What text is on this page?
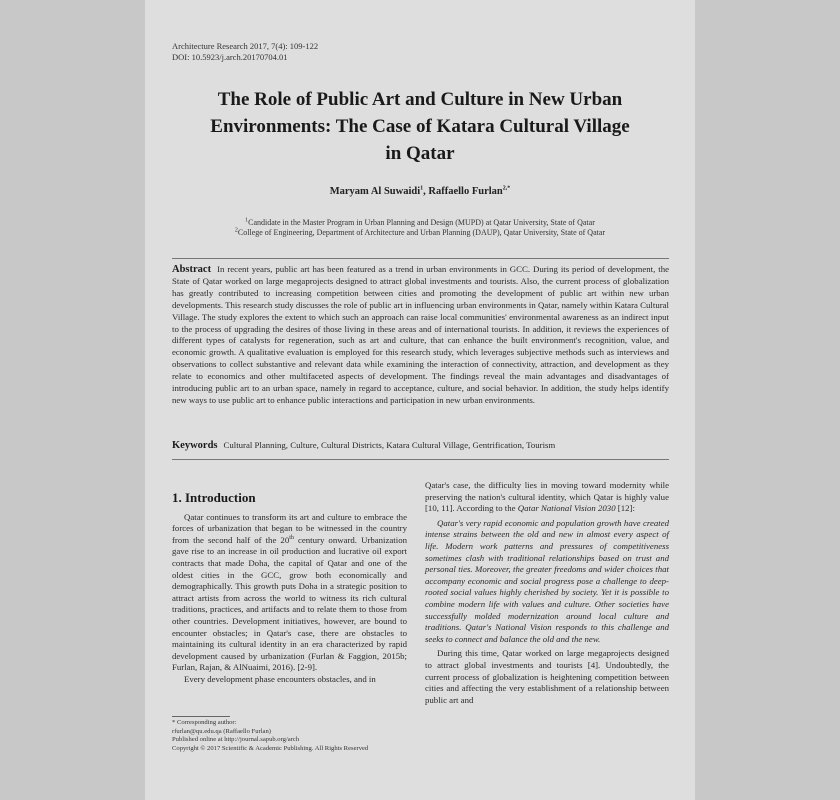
Architecture Research 2017, 7(4): 109-122
DOI: 10.5923/j.arch.20170704.01
The Role of Public Art and Culture in New Urban
Environments: The Case of Katara Cultural Village
in Qatar
Maryam Al Suwaidi$^1$, Raffaello Furlan$^{2,*}$
$^1$Candidate in the Master Program in Urban Planning and Design (MUPD) at Qatar University, State of Qatar
$^2$College of Engineering, Department of Architecture and Urban Planning (DAUP), Qatar University, State of Qatar
Abstract In recent years, public art has been featured as a trend in urban environments in GCC. During its period of development, the State of Qatar worked on large megaprojects designed to attract global investments and tourists. Also, the current process of globalization has greatly contributed to increasing competition between cities and promoting the development of public art within new urban developments. This research study discusses the role of public art in influencing urban environments in Qatar, namely within Katara Cultural Village. The study explores the extent to which such an approach can raise local communities' environmental awareness as an indirect input to the process of upgrading the desires of those living in these areas and of international tourists. In addition, it reviews the experiences of different types of catalysts for regeneration, such as art and culture, that can enhance the built environment's recognition, value, and economic growth. A qualitative evaluation is employed for this research study, which leverages subjective methods such as interviews and observations to collect substantive and relevant data while examining the interaction of connectivity, attraction, and development as they relate to economics and other multifaceted aspects of development. The findings reveal the main advantages and disadvantages of introducing public art to an urban space, namely in regard to acceptance, culture, and social behavior. In addition, the study helps identify new ways to use public art to enhance public interactions and participation in new urban environments.
Keywords Cultural Planning, Culture, Cultural Districts, Katara Cultural Village, Gentrification, Tourism
1. Introduction

Qatar continues to transform its art and culture to embrace the forces of urbanization that began to be witnessed in the country from the second half of the 20th century onward. Urbanization gave rise to an increase in oil production and lucrative oil export contracts that made Doha, the capital of Qatar and one of the oldest cities in the GCC, grow both economically and demographically. This growth puts Doha in a strategic position to attract artists from across the world to witness its rich cultural traditions, practices, and artifacts and to relate them to those from other countries. Development initiatives, however, are bound to encounter obstacles; in Qatar's case, there are obstacles to maintaining its cultural identity in an era characterized by rapid development caused by urbanization (Furlan & Faggion, 2015b; Furlan, Rajan, & AlNuaimi, 2016). [2-9].

Every development phase encounters obstacles, and in

* Corresponding author:
rfurlan@qu.edu.qa (Raffaello Furlan)
Published online at http://journal.sapub.org/arch
Copyright © 2017 Scientific & Academic Publishing. All Rights Reserved

Qatar's case, the difficulty lies in moving toward modernity while preserving the nation's cultural identity, which Qatar is highly value [10, 11]. According to the Qatar National Vision 2030 [12]:

Qatar's very rapid economic and population growth have created intense strains between the old and new in almost every aspect of life. Modern work patterns and pressures of competitiveness sometimes clash with traditional relationships based on trust and personal ties. Moreover, the greater freedoms and wider choices that accompany economic and social progress pose a challenge to deep-rooted social values highly cherished by society. Yet it is possible to combine modern life with values and culture. Other societies have successfully molded modernization around local culture and traditions. Qatar's National Vision responds to this challenge and seeks to connect and balance the old and the new.

During this time, Qatar worked on large megaprojects designed to attract global investments and tourists [4]. Undoubtedly, the current process of globalization is heightening competition between cities and affecting the very establishment of a relationship between public art and
